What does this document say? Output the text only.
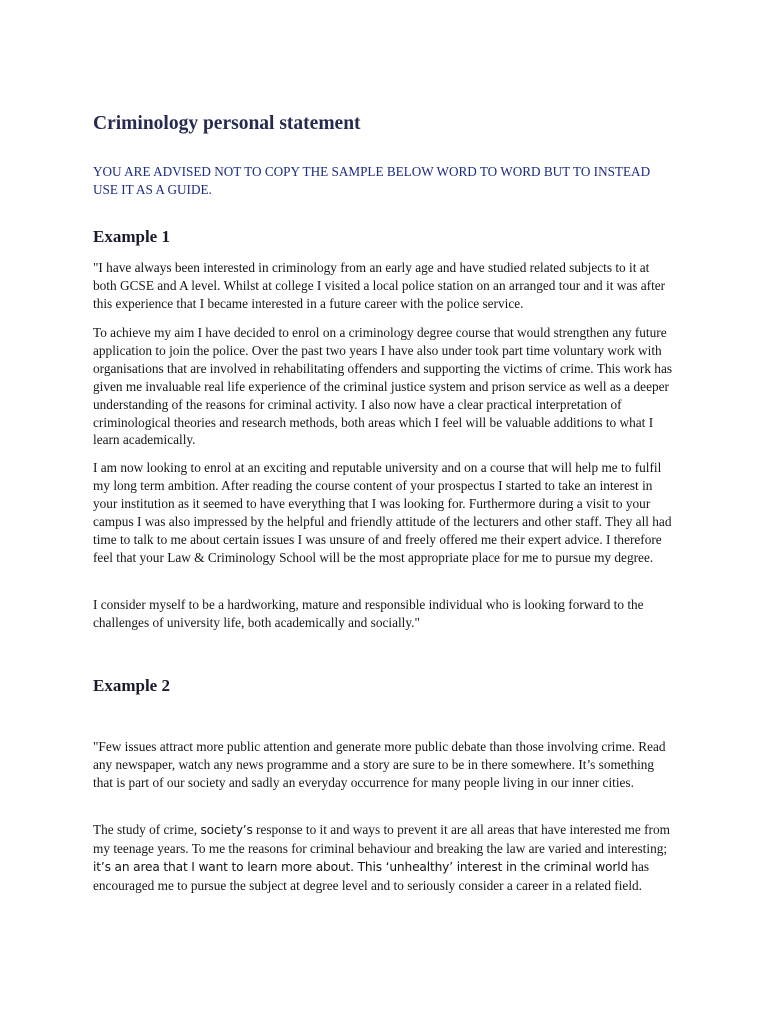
Criminology personal statement

YOU ARE ADVISED NOT TO COPY THE SAMPLE BELOW WORD TO WORD BUT TO INSTEAD USE IT AS A GUIDE.

Example 1

"I have always been interested in criminology from an early age and have studied related subjects to it at both GCSE and A level. Whilst at college I visited a local police station on an arranged tour and it was after this experience that I became interested in a future career with the police service.

To achieve my aim I have decided to enrol on a criminology degree course that would strengthen any future application to join the police. Over the past two years I have also under took part time voluntary work with organisations that are involved in rehabilitating offenders and supporting the victims of crime. This work has given me invaluable real life experience of the criminal justice system and prison service as well as a deeper understanding of the reasons for criminal activity. I also now have a clear practical interpretation of criminological theories and research methods, both areas which I feel will be valuable additions to what I learn academically.

I am now looking to enrol at an exciting and reputable university and on a course that will help me to fulfil my long term ambition. After reading the course content of your prospectus I started to take an interest in your institution as it seemed to have everything that I was looking for. Furthermore during a visit to your campus I was also impressed by the helpful and friendly attitude of the lecturers and other staff. They all had time to talk to me about certain issues I was unsure of and freely offered me their expert advice. I therefore feel that your Law & Criminology School will be the most appropriate place for me to pursue my degree.

I consider myself to be a hardworking, mature and responsible individual who is looking forward to the challenges of university life, both academically and socially."

Example 2

"Few issues attract more public attention and generate more public debate than those involving crime. Read any newspaper, watch any news programme and a story are sure to be in there somewhere. It’s something that is part of our society and sadly an everyday occurrence for many people living in our inner cities.

The study of crime, society’s response to it and ways to prevent it are all areas that have interested me from my teenage years. To me the reasons for criminal behaviour and breaking the law are varied and interesting; it’s an area that I want to learn more about. This ‘unhealthy’ interest in the criminal world has encouraged me to pursue the subject at degree level and to seriously consider a career in a related field.
